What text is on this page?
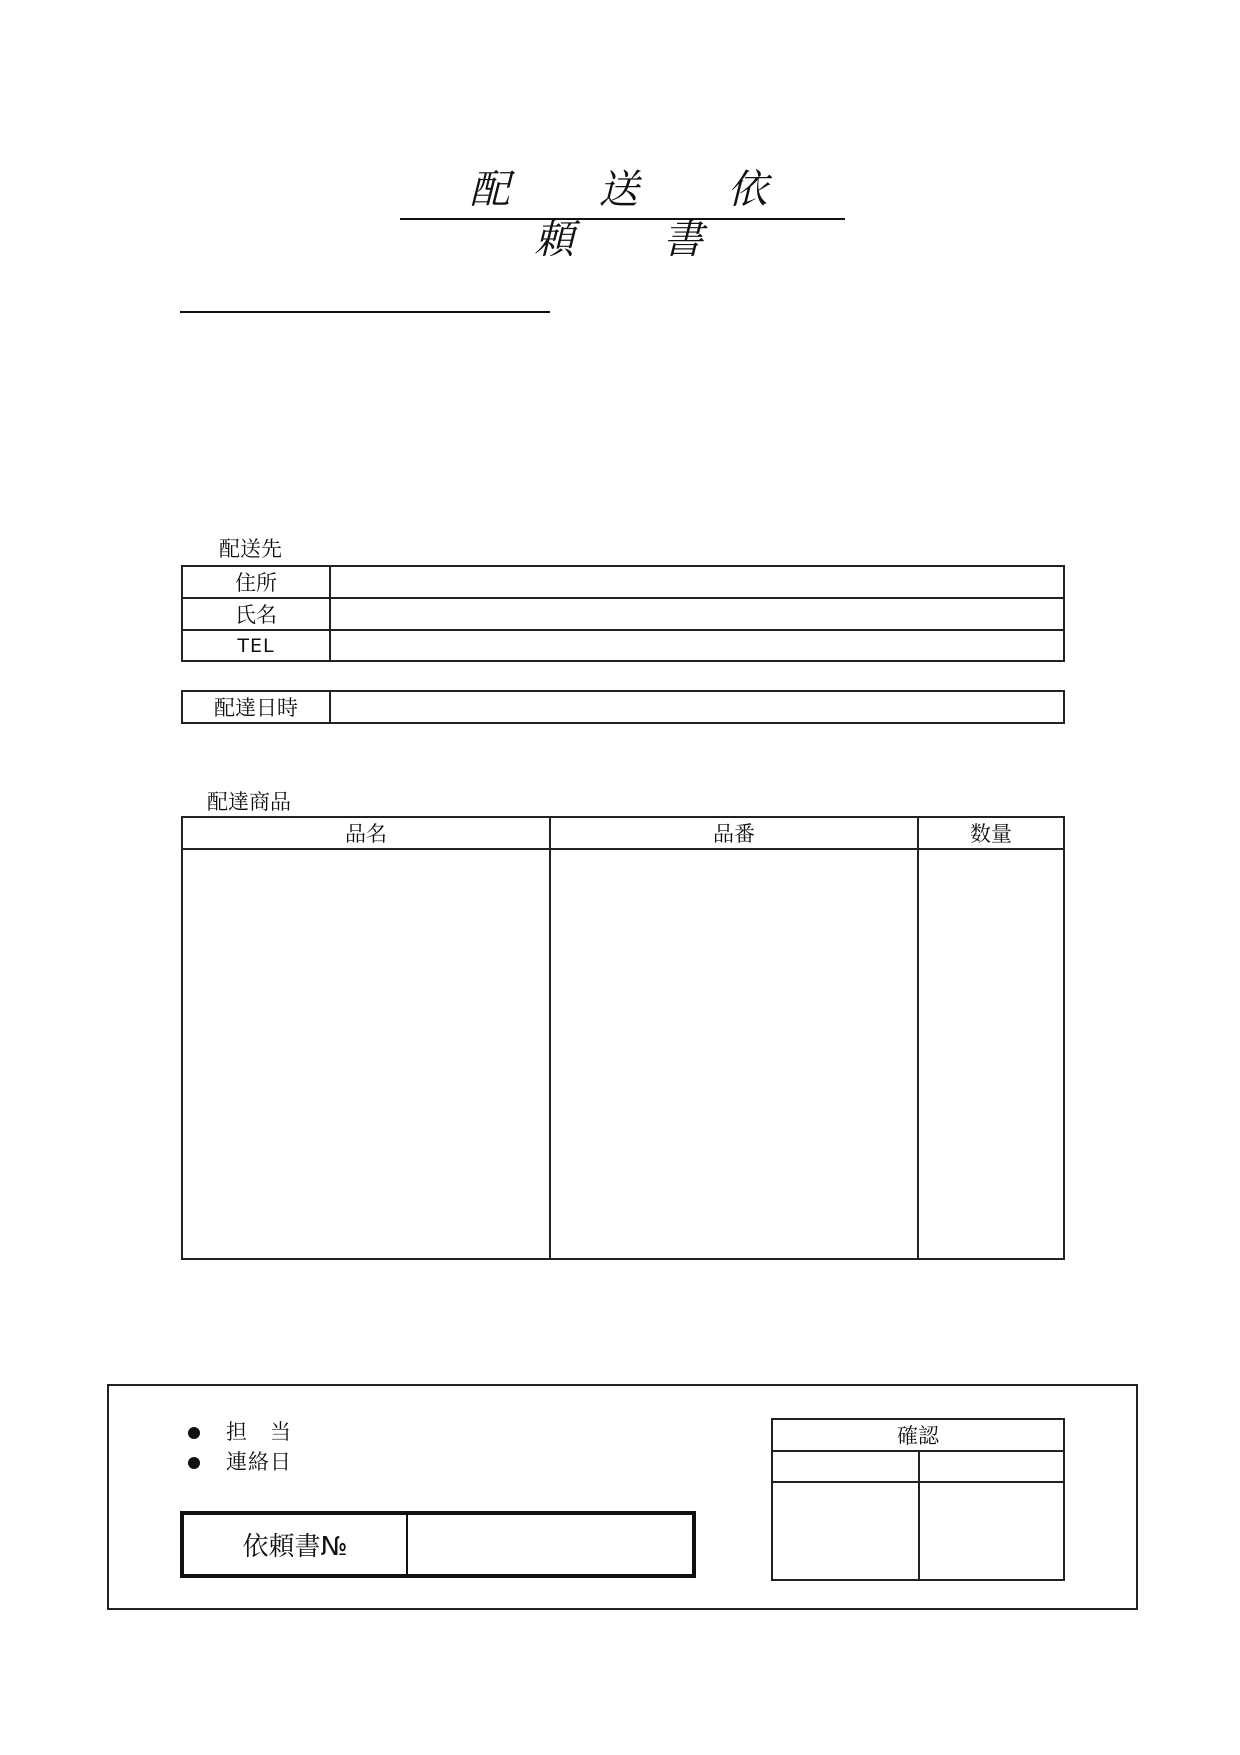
配 送 依 頼 書
配送先
住所	
氏名	
TEL	
配達日時	
配達商品
品名	品番	数量

担　当
連絡日
依頼書№
確認	
